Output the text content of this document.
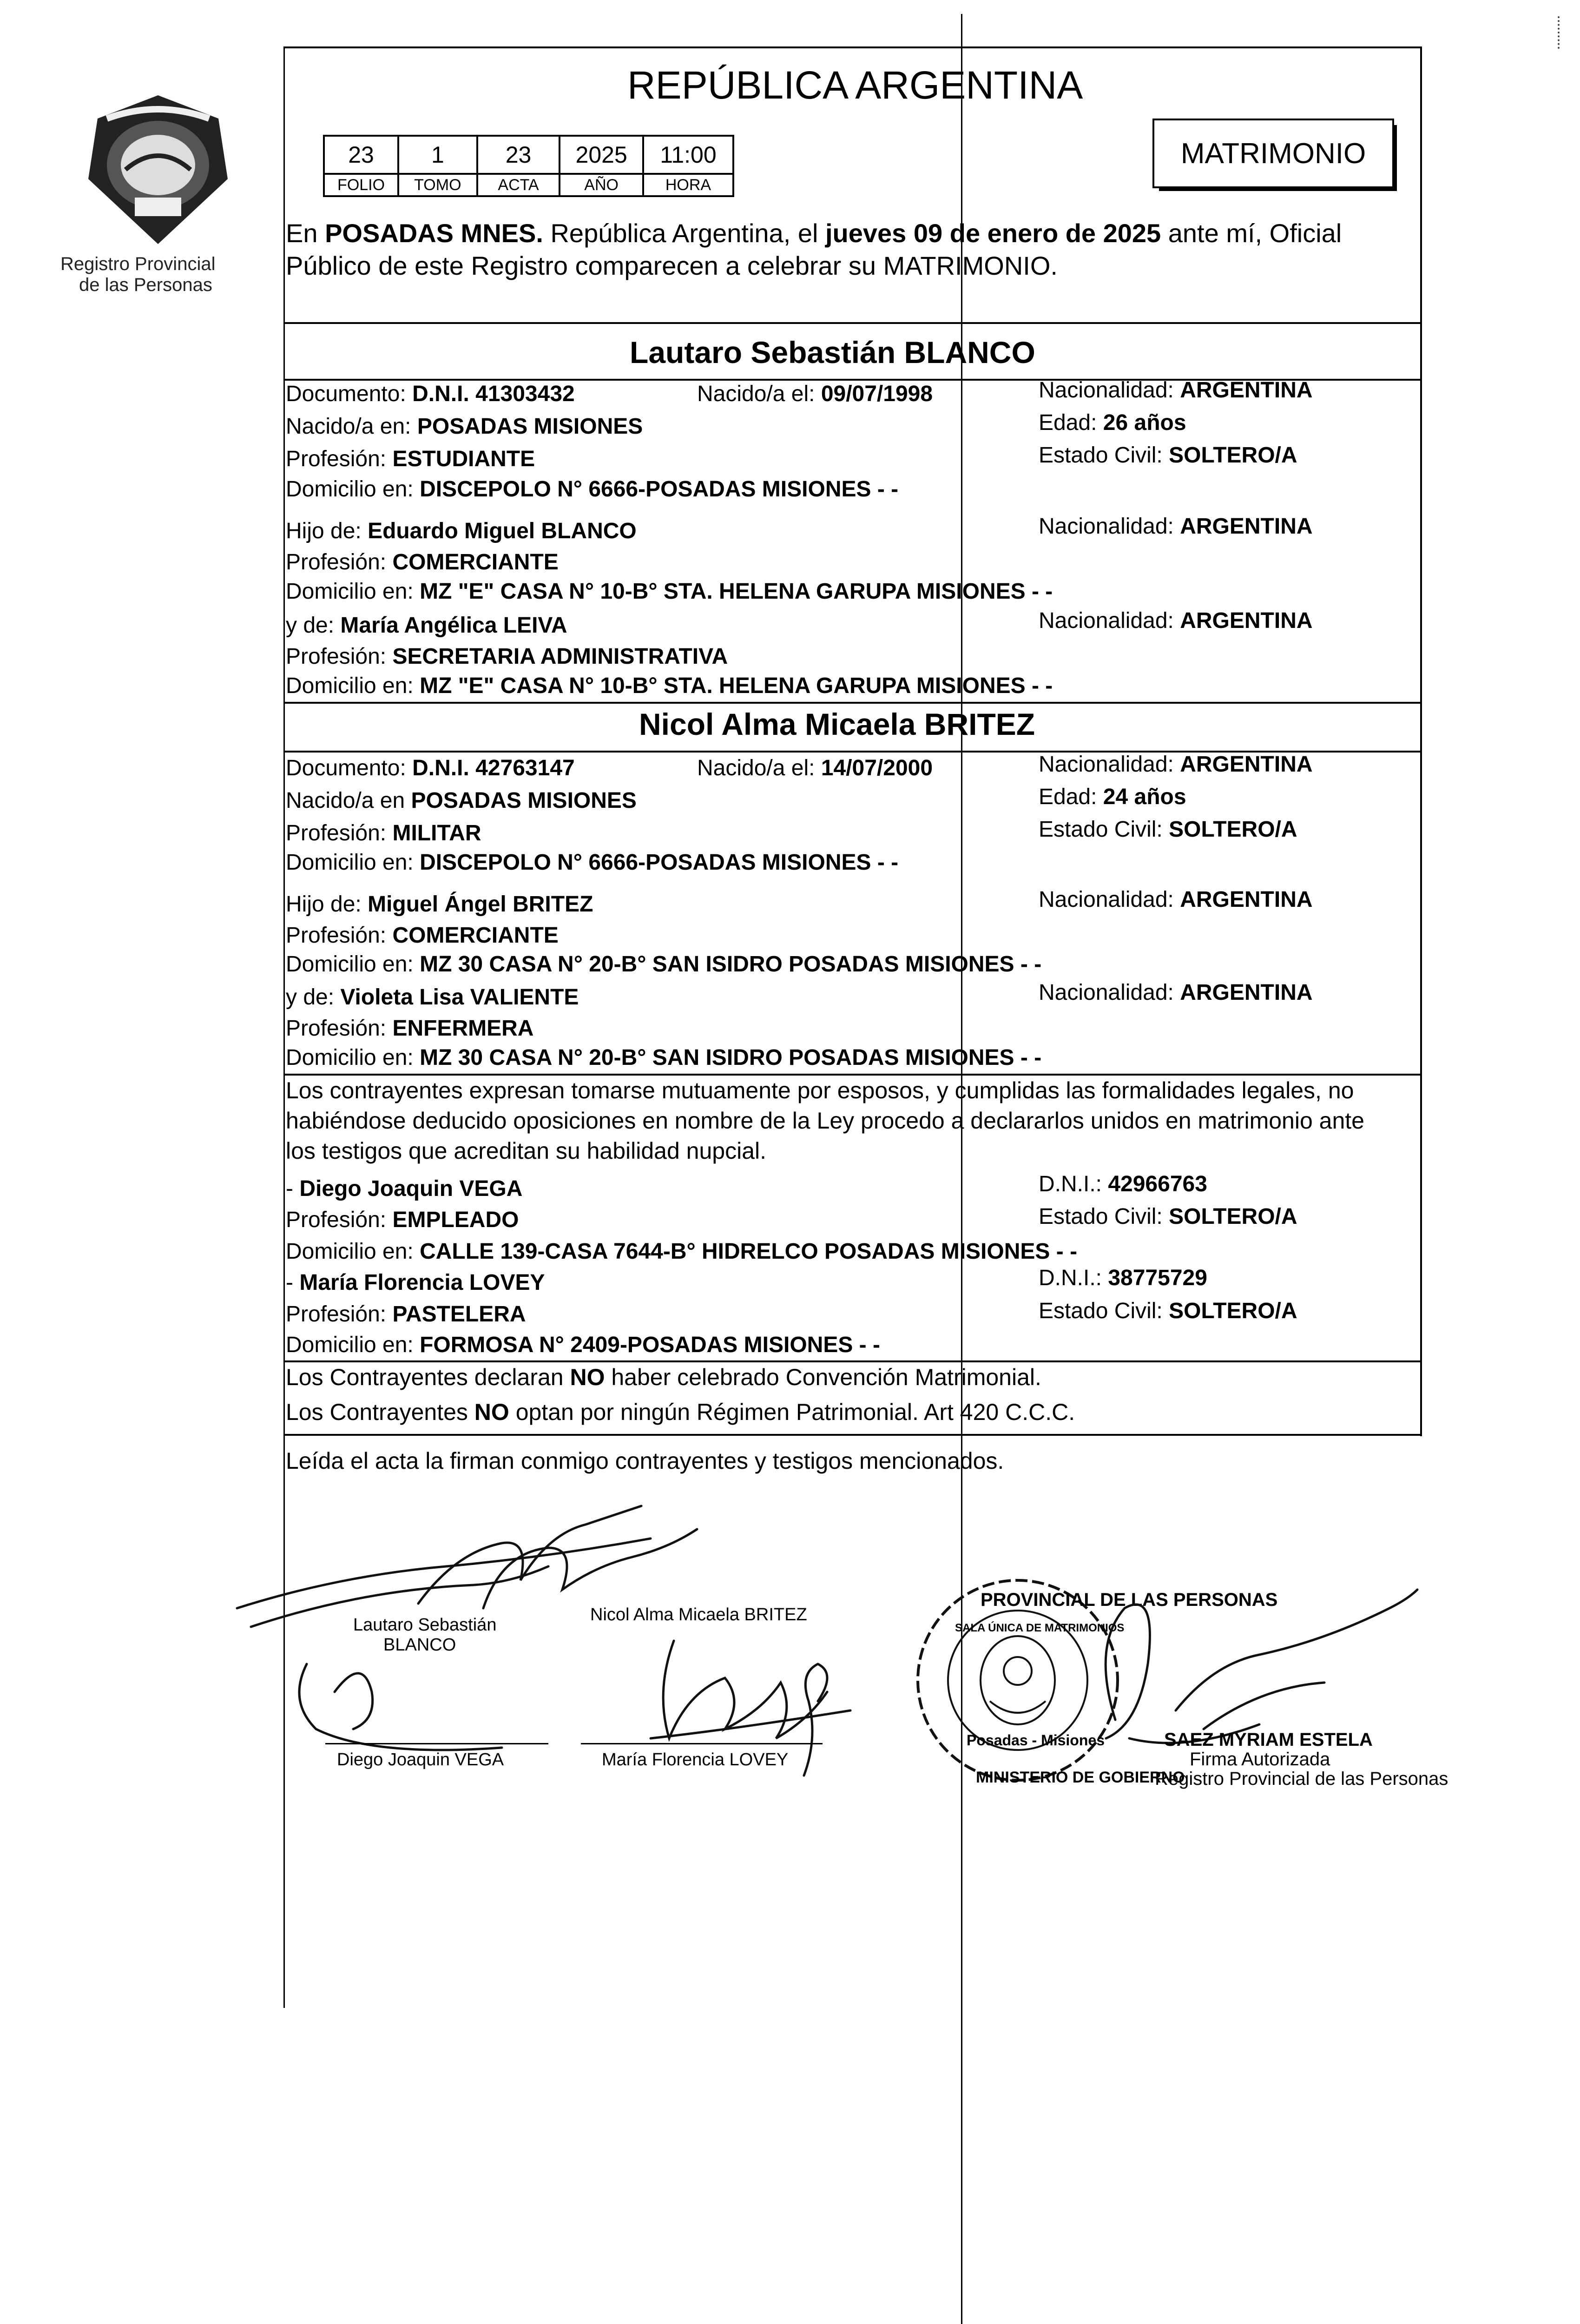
Registro Provincial
de las Personas
REPÚBLICA ARGENTINA
23	1	23	2025	11:00
FOLIO	TOMO	ACTA	AÑO	HORA
MATRIMONIO
En POSADAS MNES. República Argentina, el jueves 09 de enero de 2025 ante mí, Oficial
Público de este Registro comparecen a celebrar su MATRIMONIO.
Lautaro Sebastián BLANCO
Documento: D.N.I. 41303432	Nacido/a el: 09/07/1998	Nacionalidad: ARGENTINA
Nacido/a en: POSADAS MISIONES	Edad: 26 años
Profesión: ESTUDIANTE	Estado Civil: SOLTERO/A
Domicilio en: DISCEPOLO N° 6666-POSADAS MISIONES - -
Hijo de: Eduardo Miguel BLANCO	Nacionalidad: ARGENTINA
Profesión: COMERCIANTE
Domicilio en: MZ "E" CASA N° 10-B° STA. HELENA GARUPA MISIONES - -
y de: María Angélica LEIVA	Nacionalidad: ARGENTINA
Profesión: SECRETARIA ADMINISTRATIVA
Domicilio en: MZ "E" CASA N° 10-B° STA. HELENA GARUPA MISIONES - -
Nicol Alma Micaela BRITEZ
Documento: D.N.I. 42763147	Nacido/a el: 14/07/2000	Nacionalidad: ARGENTINA
Nacido/a en POSADAS MISIONES	Edad: 24 años
Profesión: MILITAR	Estado Civil: SOLTERO/A
Domicilio en: DISCEPOLO N° 6666-POSADAS MISIONES - -
Hijo de: Miguel Ángel BRITEZ	Nacionalidad: ARGENTINA
Profesión: COMERCIANTE
Domicilio en: MZ 30 CASA N° 20-B° SAN ISIDRO POSADAS MISIONES - -
y de: Violeta Lisa VALIENTE	Nacionalidad: ARGENTINA
Profesión: ENFERMERA
Domicilio en: MZ 30 CASA N° 20-B° SAN ISIDRO POSADAS MISIONES - -
Los contrayentes expresan tomarse mutuamente por esposos, y cumplidas las formalidades legales, no
habiéndose deducido oposiciones en nombre de la Ley procedo a declararlos unidos en matrimonio ante
los testigos que acreditan su habilidad nupcial.
- Diego Joaquin VEGA	D.N.I.: 42966763
Profesión: EMPLEADO	Estado Civil: SOLTERO/A
Domicilio en: CALLE 139-CASA 7644-B° HIDRELCO POSADAS MISIONES - -
- María Florencia LOVEY	D.N.I.: 38775729
Profesión: PASTELERA	Estado Civil: SOLTERO/A
Domicilio en: FORMOSA N° 2409-POSADAS MISIONES - -
Los Contrayentes declaran NO haber celebrado Convención Matrimonial.
Los Contrayentes NO optan por ningún Régimen Patrimonial. Art 420 C.C.C.
Leída el acta la firman conmigo contrayentes y testigos mencionados.
Lautaro Sebastián
BLANCO
Nicol Alma Micaela BRITEZ
Diego Joaquin VEGA	María Florencia LOVEY
PROVINCIAL DE LAS PERSONAS
MINISTERIO DE GOBIERNO
SALA ÚNICA DE MATRIMONIOS
Posadas - Misiones	SAEZ MYRIAM ESTELA
Firma Autorizada
Registro Provincial de las Personas
